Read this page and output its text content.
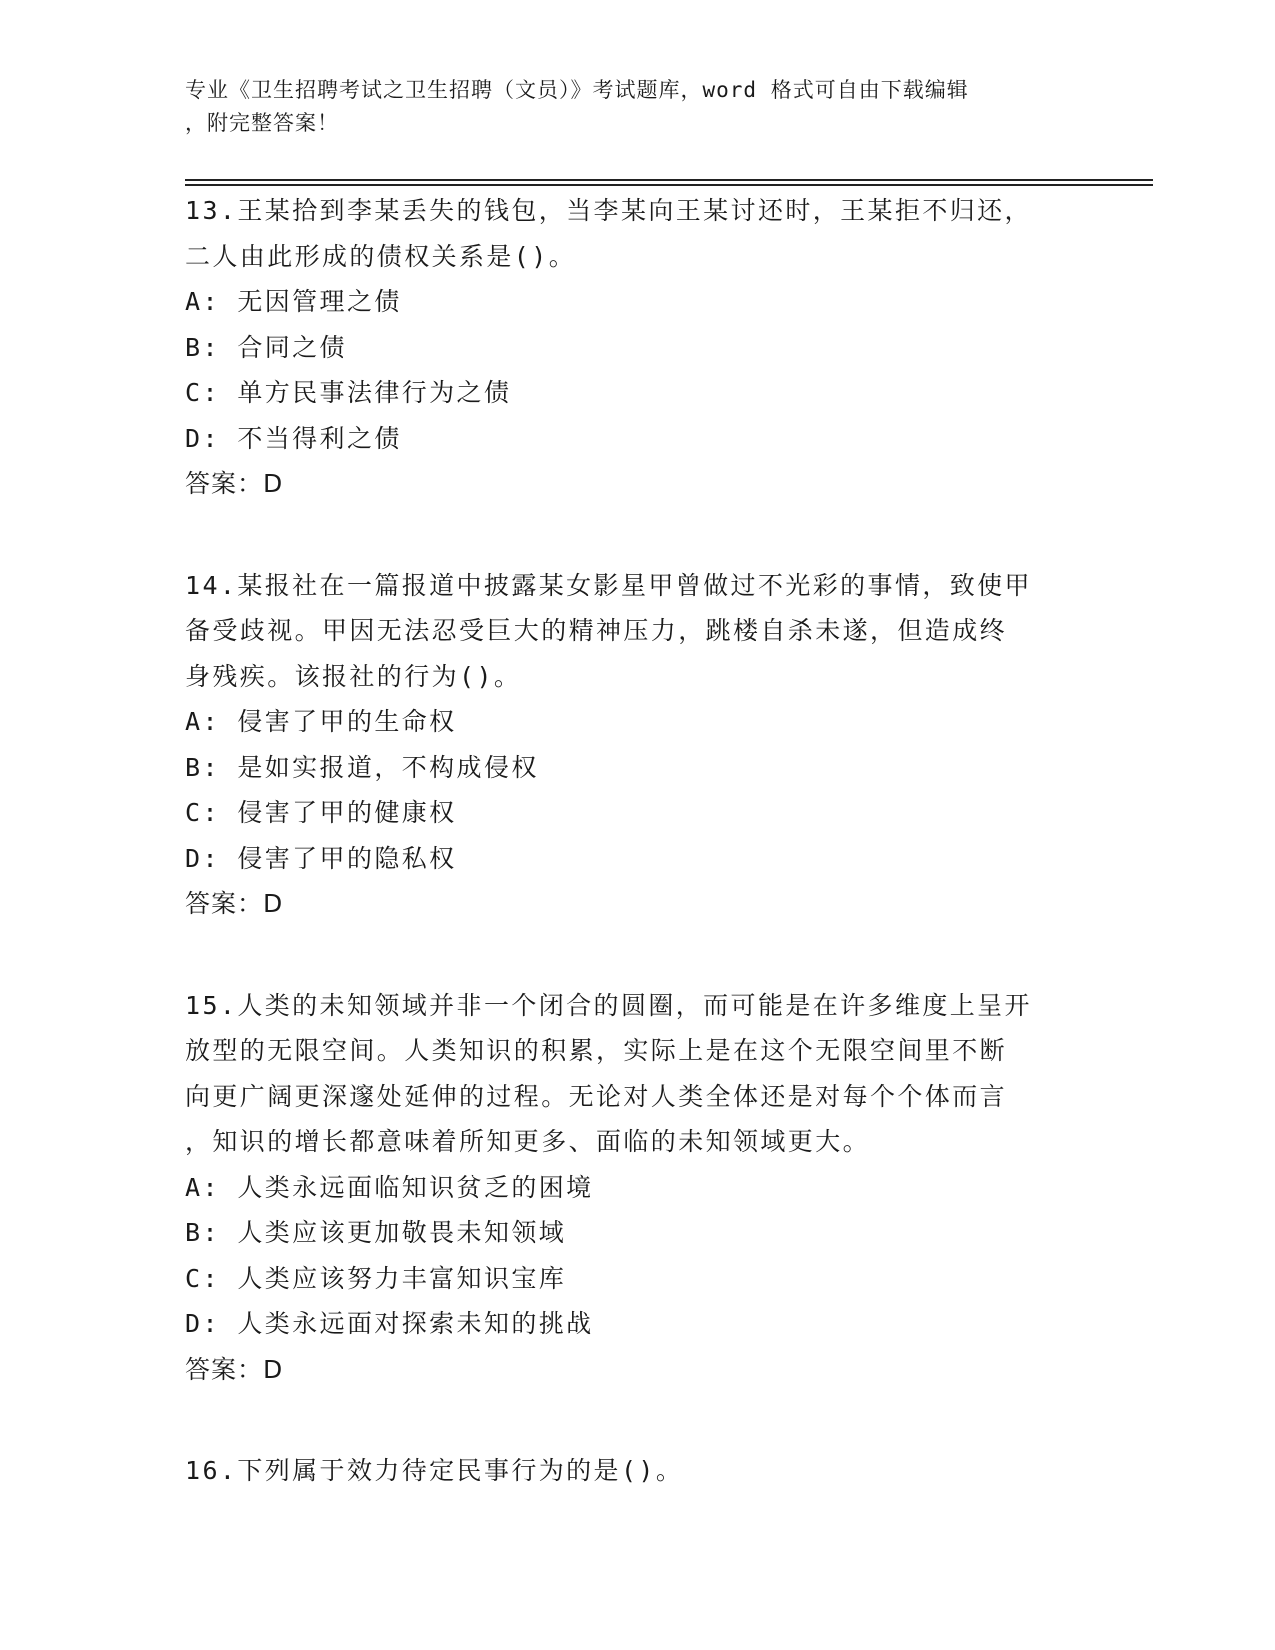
专业《卫生招聘考试之卫生招聘（文员）》考试题库，word 格式可自由下载编辑
，附完整答案！
13.王某拾到李某丢失的钱包，当李某向王某讨还时，王某拒不归还，
二人由此形成的债权关系是()。
A: 无因管理之债
B: 合同之债
C: 单方民事法律行为之债
D: 不当得利之债
答案：D
14.某报社在一篇报道中披露某女影星甲曾做过不光彩的事情，致使甲
备受歧视。甲因无法忍受巨大的精神压力，跳楼自杀未遂，但造成终
身残疾。该报社的行为()。
A: 侵害了甲的生命权
B: 是如实报道，不构成侵权
C: 侵害了甲的健康权
D: 侵害了甲的隐私权
答案：D
15.人类的未知领域并非一个闭合的圆圈，而可能是在许多维度上呈开
放型的无限空间。人类知识的积累，实际上是在这个无限空间里不断
向更广阔更深邃处延伸的过程。无论对人类全体还是对每个个体而言
，知识的增长都意味着所知更多、面临的未知领域更大。
A: 人类永远面临知识贫乏的困境
B: 人类应该更加敬畏未知领域
C: 人类应该努力丰富知识宝库
D: 人类永远面对探索未知的挑战
答案：D
16.下列属于效力待定民事行为的是()。
